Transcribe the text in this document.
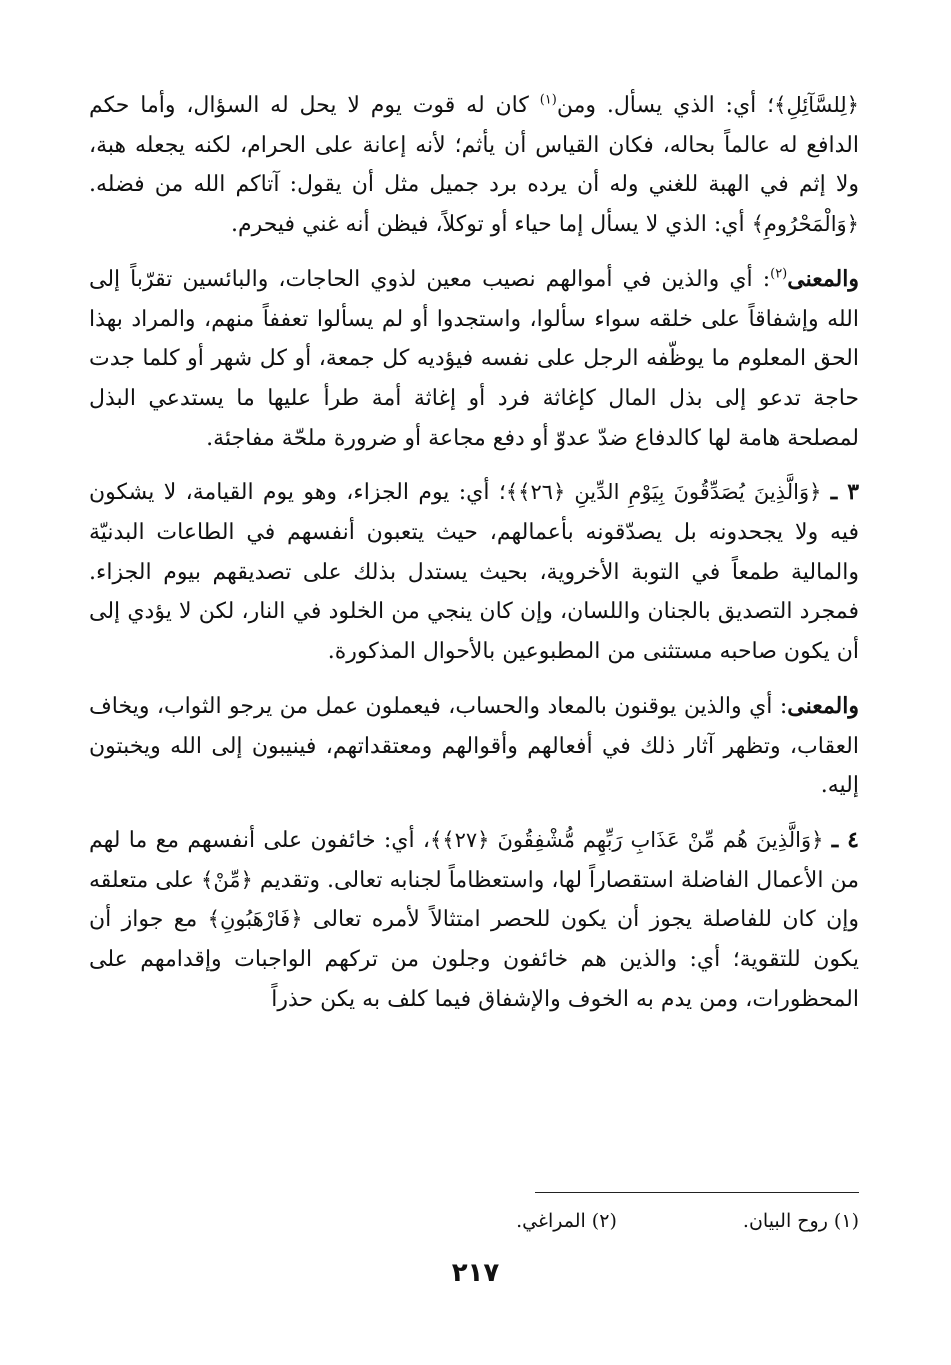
﴿لِلسَّآئِلِ﴾؛ أي: الذي يسأل. ومن$^{(١)}$ كان له قوت يوم لا يحل له السؤال، وأما حكم الدافع له عالماً بحاله، فكان القياس أن يأثم؛ لأنه إعانة على الحرام، لكنه يجعله هبة، ولا إثم في الهبة للغني وله أن يرده برد جميل مثل أن يقول: آتاكم الله من فضله. ﴿وَالْمَحْرُومِ﴾ أي: الذي لا يسأل إما حياء أو توكلاً، فيظن أنه غني فيحرم.

والمعنى$^{(٢)}$: أي والذين في أموالهم نصيب معين لذوي الحاجات، والبائسين تقرّباً إلى الله وإشفاقاً على خلقه سواء سألوا، واستجدوا أو لم يسألوا تعففاً منهم، والمراد بهذا الحق المعلوم ما يوظّفه الرجل على نفسه فيؤديه كل جمعة، أو كل شهر أو كلما جدت حاجة تدعو إلى بذل المال كإغاثة فرد أو إغاثة أمة طرأ عليها ما يستدعي البذل لمصلحة هامة لها كالدفاع ضدّ عدوّ أو دفع مجاعة أو ضرورة ملحّة مفاجئة.

٣ ـ ﴿وَالَّذِينَ يُصَدِّقُونَ بِيَوْمِ الدِّينِ ﴿٢٦﴾﴾؛ أي: يوم الجزاء، وهو يوم القيامة، لا يشكون فيه ولا يجحدونه بل يصدّقونه بأعمالهم، حيث يتعبون أنفسهم في الطاعات البدنيّة والمالية طمعاً في التوبة الأخروية، بحيث يستدل بذلك على تصديقهم بيوم الجزاء. فمجرد التصديق بالجنان واللسان، وإن كان ينجي من الخلود في النار، لكن لا يؤدي إلى أن يكون صاحبه مستثنى من المطبوعين بالأحوال المذكورة.

والمعنى: أي والذين يوقنون بالمعاد والحساب، فيعملون عمل من يرجو الثواب، ويخاف العقاب، وتظهر آثار ذلك في أفعالهم وأقوالهم ومعتقداتهم، فينيبون إلى الله ويخبتون إليه.

٤ ـ ﴿وَالَّذِينَ هُم مِّنْ عَذَابِ رَبِّهِم مُّشْفِقُونَ ﴿٢٧﴾﴾، أي: خائفون على أنفسهم مع ما لهم من الأعمال الفاضلة استقصاراً لها، واستعظاماً لجنابه تعالى. وتقديم ﴿مِّنْ﴾ على متعلقه وإن كان للفاصلة يجوز أن يكون للحصر امتثالاً لأمره تعالى ﴿فَارْهَبُونِ﴾ مع جواز أن يكون للتقوية؛ أي: والذين هم خائفون وجلون من تركهم الواجبات وإقدامهم على المحظورات، ومن يدم به الخوف والإشفاق فيما كلف به يكن حذراً

(١) روح البيان. (٢) المراغي.
٢١٧
